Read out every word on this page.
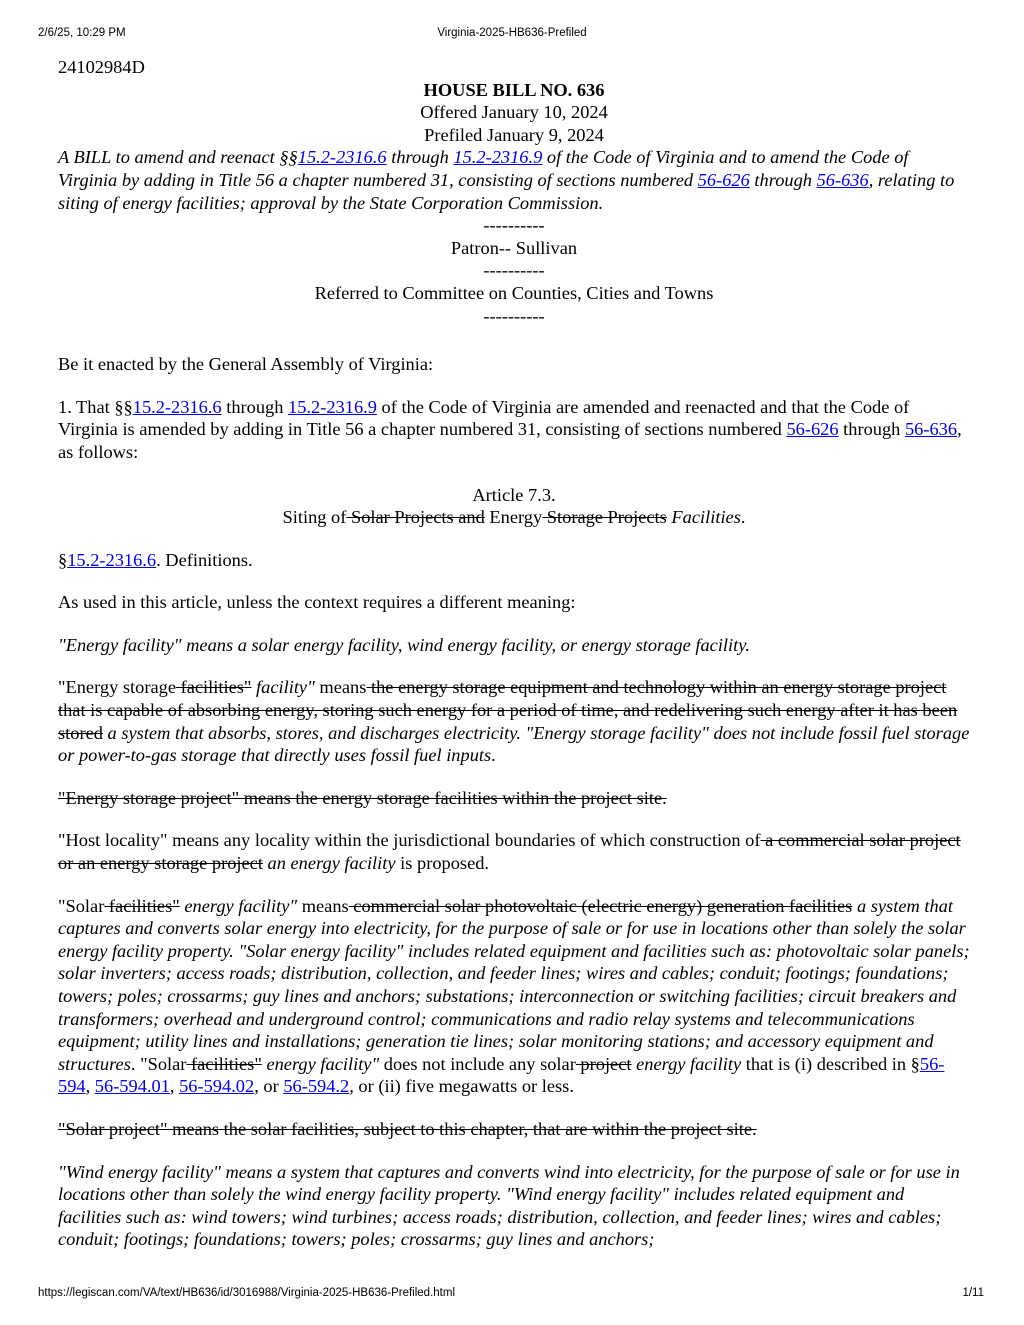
2/6/25, 10:29 PM	Virginia-2025-HB636-Prefiled

24102984D

HOUSE BILL NO. 636

Offered January 10, 2024

Prefiled January 9, 2024

A BILL to amend and reenact §§15.2-2316.6 through 15.2-2316.9 of the Code of Virginia and to amend the Code of Virginia by adding in Title 56 a chapter numbered 31, consisting of sections numbered 56-626 through 56-636, relating to siting of energy facilities; approval by the State Corporation Commission.

----------

Patron-- Sullivan

----------

Referred to Committee on Counties, Cities and Towns

----------

Be it enacted by the General Assembly of Virginia:

1. That §§15.2-2316.6 through 15.2-2316.9 of the Code of Virginia are amended and reenacted and that the Code of Virginia is amended by adding in Title 56 a chapter numbered 31, consisting of sections numbered 56-626 through 56-636, as follows:

Article 7.3.

Siting of Solar Projects and Energy Storage Projects Facilities.

§15.2-2316.6. Definitions.

As used in this article, unless the context requires a different meaning:

"Energy facility" means a solar energy facility, wind energy facility, or energy storage facility.

"Energy storage facilities" facility" means the energy storage equipment and technology within an energy storage project that is capable of absorbing energy, storing such energy for a period of time, and redelivering such energy after it has been stored a system that absorbs, stores, and discharges electricity. "Energy storage facility" does not include fossil fuel storage or power-to-gas storage that directly uses fossil fuel inputs.

"Energy storage project" means the energy storage facilities within the project site.

"Host locality" means any locality within the jurisdictional boundaries of which construction of a commercial solar project or an energy storage project an energy facility is proposed.

"Solar facilities" energy facility" means commercial solar photovoltaic (electric energy) generation facilities a system that captures and converts solar energy into electricity, for the purpose of sale or for use in locations other than solely the solar energy facility property. "Solar energy facility" includes related equipment and facilities such as: photovoltaic solar panels; solar inverters; access roads; distribution, collection, and feeder lines; wires and cables; conduit; footings; foundations; towers; poles; crossarms; guy lines and anchors; substations; interconnection or switching facilities; circuit breakers and transformers; overhead and underground control; communications and radio relay systems and telecommunications equipment; utility lines and installations; generation tie lines; solar monitoring stations; and accessory equipment and structures. "Solar facilities" energy facility" does not include any solar project energy facility that is (i) described in §56-594, 56-594.01, 56-594.02, or 56-594.2, or (ii) five megawatts or less.

"Solar project" means the solar facilities, subject to this chapter, that are within the project site.

"Wind energy facility" means a system that captures and converts wind into electricity, for the purpose of sale or for use in locations other than solely the wind energy facility property. "Wind energy facility" includes related equipment and facilities such as: wind towers; wind turbines; access roads; distribution, collection, and feeder lines; wires and cables; conduit; footings; foundations; towers; poles; crossarms; guy lines and anchors;

https://legiscan.com/VA/text/HB636/id/3016988/Virginia-2025-HB636-Prefiled.html	1/11
